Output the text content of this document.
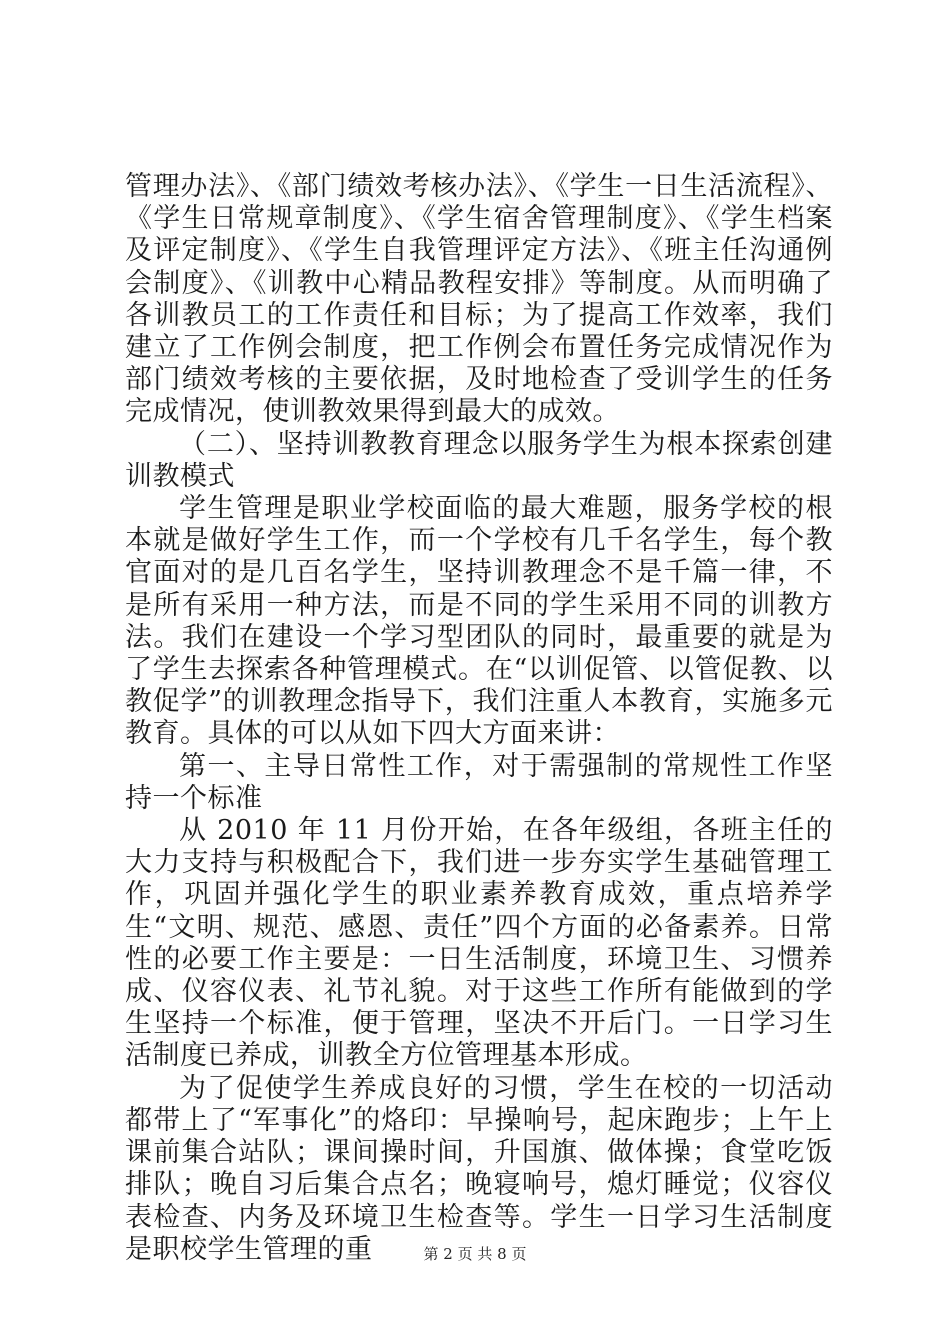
管理办法》、《部门绩效考核办法》、《学生一日生活流程》、《学生日常规章制度》、《学生宿舍管理制度》、《学生档案及评定制度》、《学生自我管理评定方法》、《班主任沟通例会制度》、《训教中心精品教程安排》等制度。从而明确了各训教员工的工作责任和目标；为了提高工作效率，我们建立了工作例会制度，把工作例会布置任务完成情况作为部门绩效考核的主要依据，及时地检查了受训学生的任务完成情况，使训教效果得到最大的成效。

（二）、坚持训教教育理念以服务学生为根本探索创建训教模式

学生管理是职业学校面临的最大难题，服务学校的根本就是做好学生工作，而一个学校有几千名学生，每个教官面对的是几百名学生，坚持训教理念不是千篇一律，不是所有采用一种方法，而是不同的学生采用不同的训教方法。我们在建设一个学习型团队的同时，最重要的就是为了学生去探索各种管理模式。在“以训促管、以管促教、以教促学”的训教理念指导下，我们注重人本教育，实施多元教育。具体的可以从如下四大方面来讲：

第一、主导日常性工作，对于需强制的常规性工作坚持一个标准

从 2010 年 11 月份开始，在各年级组，各班主任的大力支持与积极配合下，我们进一步夯实学生基础管理工作，巩固并强化学生的职业素养教育成效，重点培养学生“文明、规范、感恩、责任”四个方面的必备素养。日常性的必要工作主要是：一日生活制度，环境卫生、习惯养成、仪容仪表、礼节礼貌。对于这些工作所有能做到的学生坚持一个标准，便于管理，坚决不开后门。一日学习生活制度已养成，训教全方位管理基本形成。

为了促使学生养成良好的习惯，学生在校的一切活动都带上了“军事化”的烙印：早操响号，起床跑步；上午上课前集合站队；课间操时间，升国旗、做体操；食堂吃饭排队；晚自习后集合点名；晚寝响号，熄灯睡觉；仪容仪表检查、内务及环境卫生检查等。学生一日学习生活制度是职校学生管理的重	第 2 页 共 8 页
